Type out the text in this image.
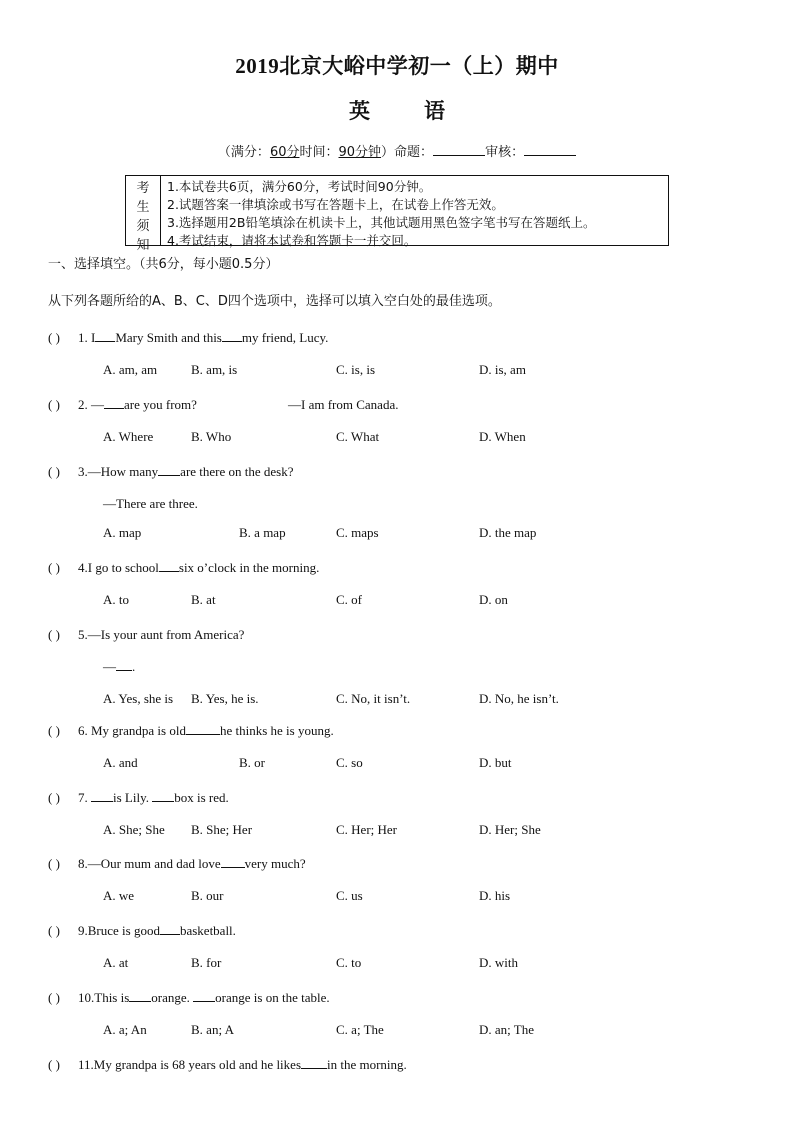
2019北京大峪中学初一（上）期中
英	语
（满分：60分时间：90分钟）命题：	审核：
考
生
须
知
1.本试卷共6页，满分60分，考试时间90分钟。
2.试题答案一律填涂或书写在答题卡上，在试卷上作答无效。
3.选择题用2B铅笔填涂在机读卡上，其他试题用黑色签字笔书写在答题纸上。
4.考试结束，请将本试卷和答题卡一并交回。
一、选择填空。（共6分，每小题0.5分）
从下列各题所给的A、B、C、D四个选项中，选择可以填入空白处的最佳选项。
( ) 1. I Mary Smith and this my friend, Lucy.
A. am, am	B. am, is	C. is, is	D. is, am
( ) 2. — are you from?	—I am from Canada.
A. Where	B. Who	C. What	D. When
( ) 3.—How many are there on the desk?
—There are three.
A. map	B. a map	C. maps	D. the map
( ) 4.I go to school six o’clock in the morning.
A. to	B. at	C. of	D. on
( ) 5.—Is your aunt from America?
— .
A. Yes, she is B. Yes, he is.	C. No, it isn’t.	D. No, he isn’t.
( ) 6. My grandpa is old	he thinks he is young.
A. and	B. or	C. so	D. but
( ) 7. is Lily. box is red.
A. She; She B. She; Her	C. Her; Her	D. Her; She
( ) 8.—Our mum and dad love very much?
A. we	B. our	C. us	D. his
( ) 9.Bruce is good basketball.
A. at	B. for	C. to	D. with
( ) 10.This is orange. orange is on the table.
A. a; An	B. an; A	C. a; The	D. an; The
( ) 11.My grandpa is 68 years old and he likes in the morning.
